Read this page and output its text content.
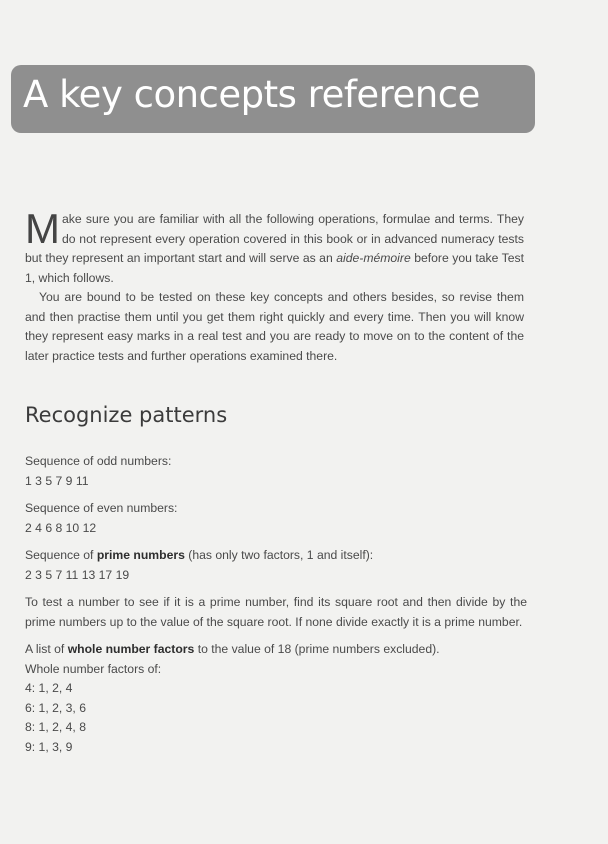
A key concepts reference

Make sure you are familiar with all the following operations, formulae and terms. They do not represent every operation covered in this book or in advanced numeracy tests but they represent an important start and will serve as an aide-mémoire before you take Test 1, which follows.

You are bound to be tested on these key concepts and others besides, so revise them and then practise them until you get them right quickly and every time. Then you will know they represent easy marks in a real test and you are ready to move on to the content of the later practice tests and further operations examined there.

Recognize patterns
Sequence of odd numbers:
1 3 5 7 9 11
Sequence of even numbers:
2 4 6 8 10 12
Sequence of prime numbers (has only two factors, 1 and itself):
2 3 5 7 11 13 17 19
To test a number to see if it is a prime number, find its square root and then divide by the prime numbers up to the value of the square root. If none divide exactly it is a prime number.
A list of whole number factors to the value of 18 (prime numbers excluded).
Whole number factors of:
4: 1, 2, 4
6: 1, 2, 3, 6
8: 1, 2, 4, 8
9: 1, 3, 9
